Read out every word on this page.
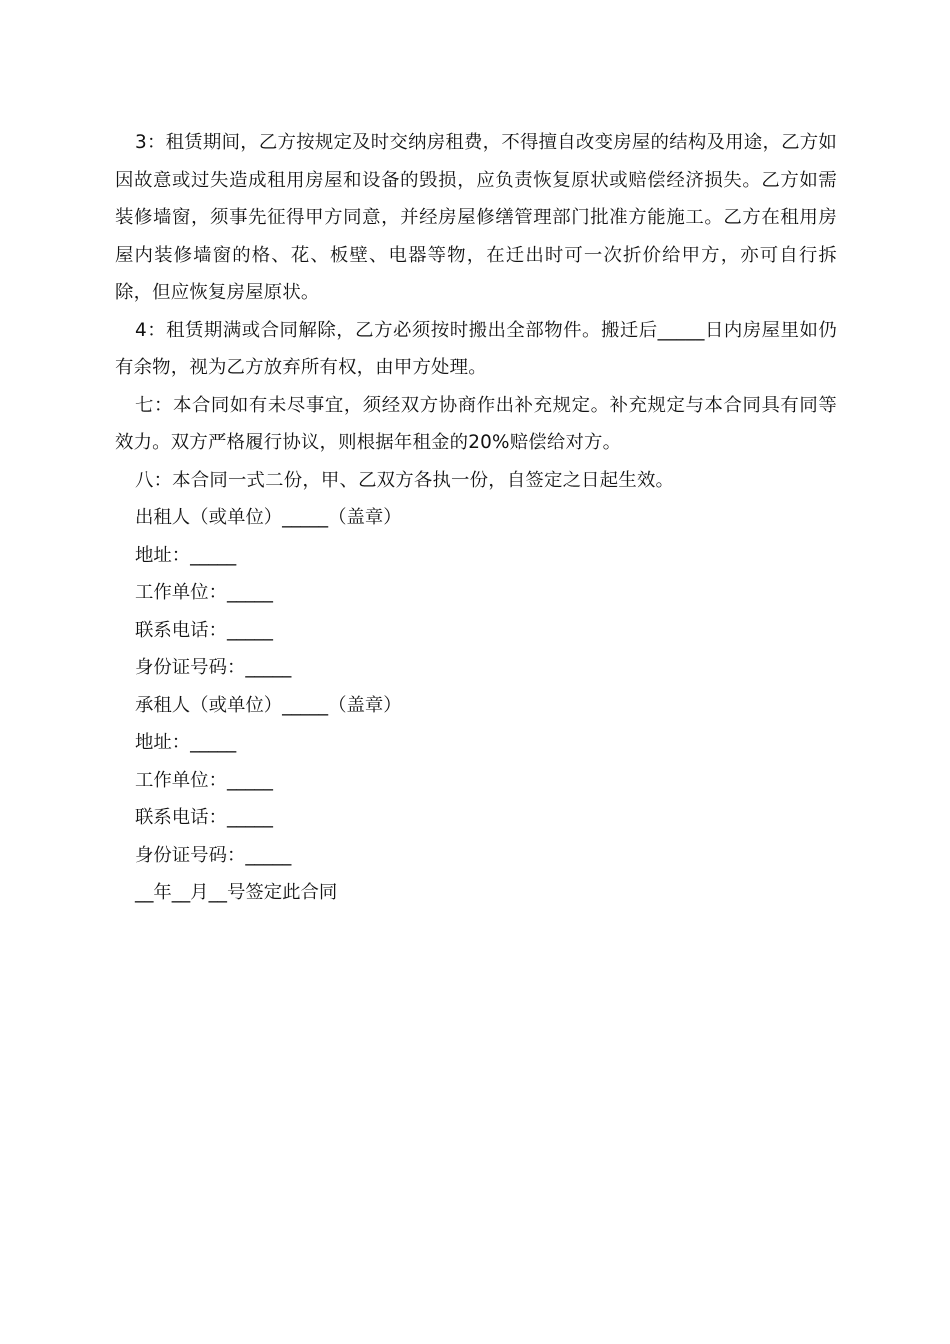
3：租赁期间，乙方按规定及时交纳房租费，不得擅自改变房屋的结构及用途，乙方如因故意或过失造成租用房屋和设备的毁损，应负责恢复原状或赔偿经济损失。乙方如需装修墙窗，须事先征得甲方同意，并经房屋修缮管理部门批准方能施工。乙方在租用房屋内装修墙窗的格、花、板壁、电器等物，在迁出时可一次折价给甲方，亦可自行拆除，但应恢复房屋原状。

4：租赁期满或合同解除，乙方必须按时搬出全部物件。搬迁后_____日内房屋里如仍有余物，视为乙方放弃所有权，由甲方处理。

七：本合同如有未尽事宜，须经双方协商作出补充规定。补充规定与本合同具有同等效力。双方严格履行协议，则根据年租金的20%赔偿给对方。

八：本合同一式二份，甲、乙双方各执一份，自签定之日起生效。

出租人（或单位）_____（盖章）

地址：_____

工作单位：_____

联系电话：_____

身份证号码：_____

承租人（或单位）_____（盖章）

地址：_____

工作单位：_____

联系电话：_____

身份证号码：_____

__年__月__号签定此合同
